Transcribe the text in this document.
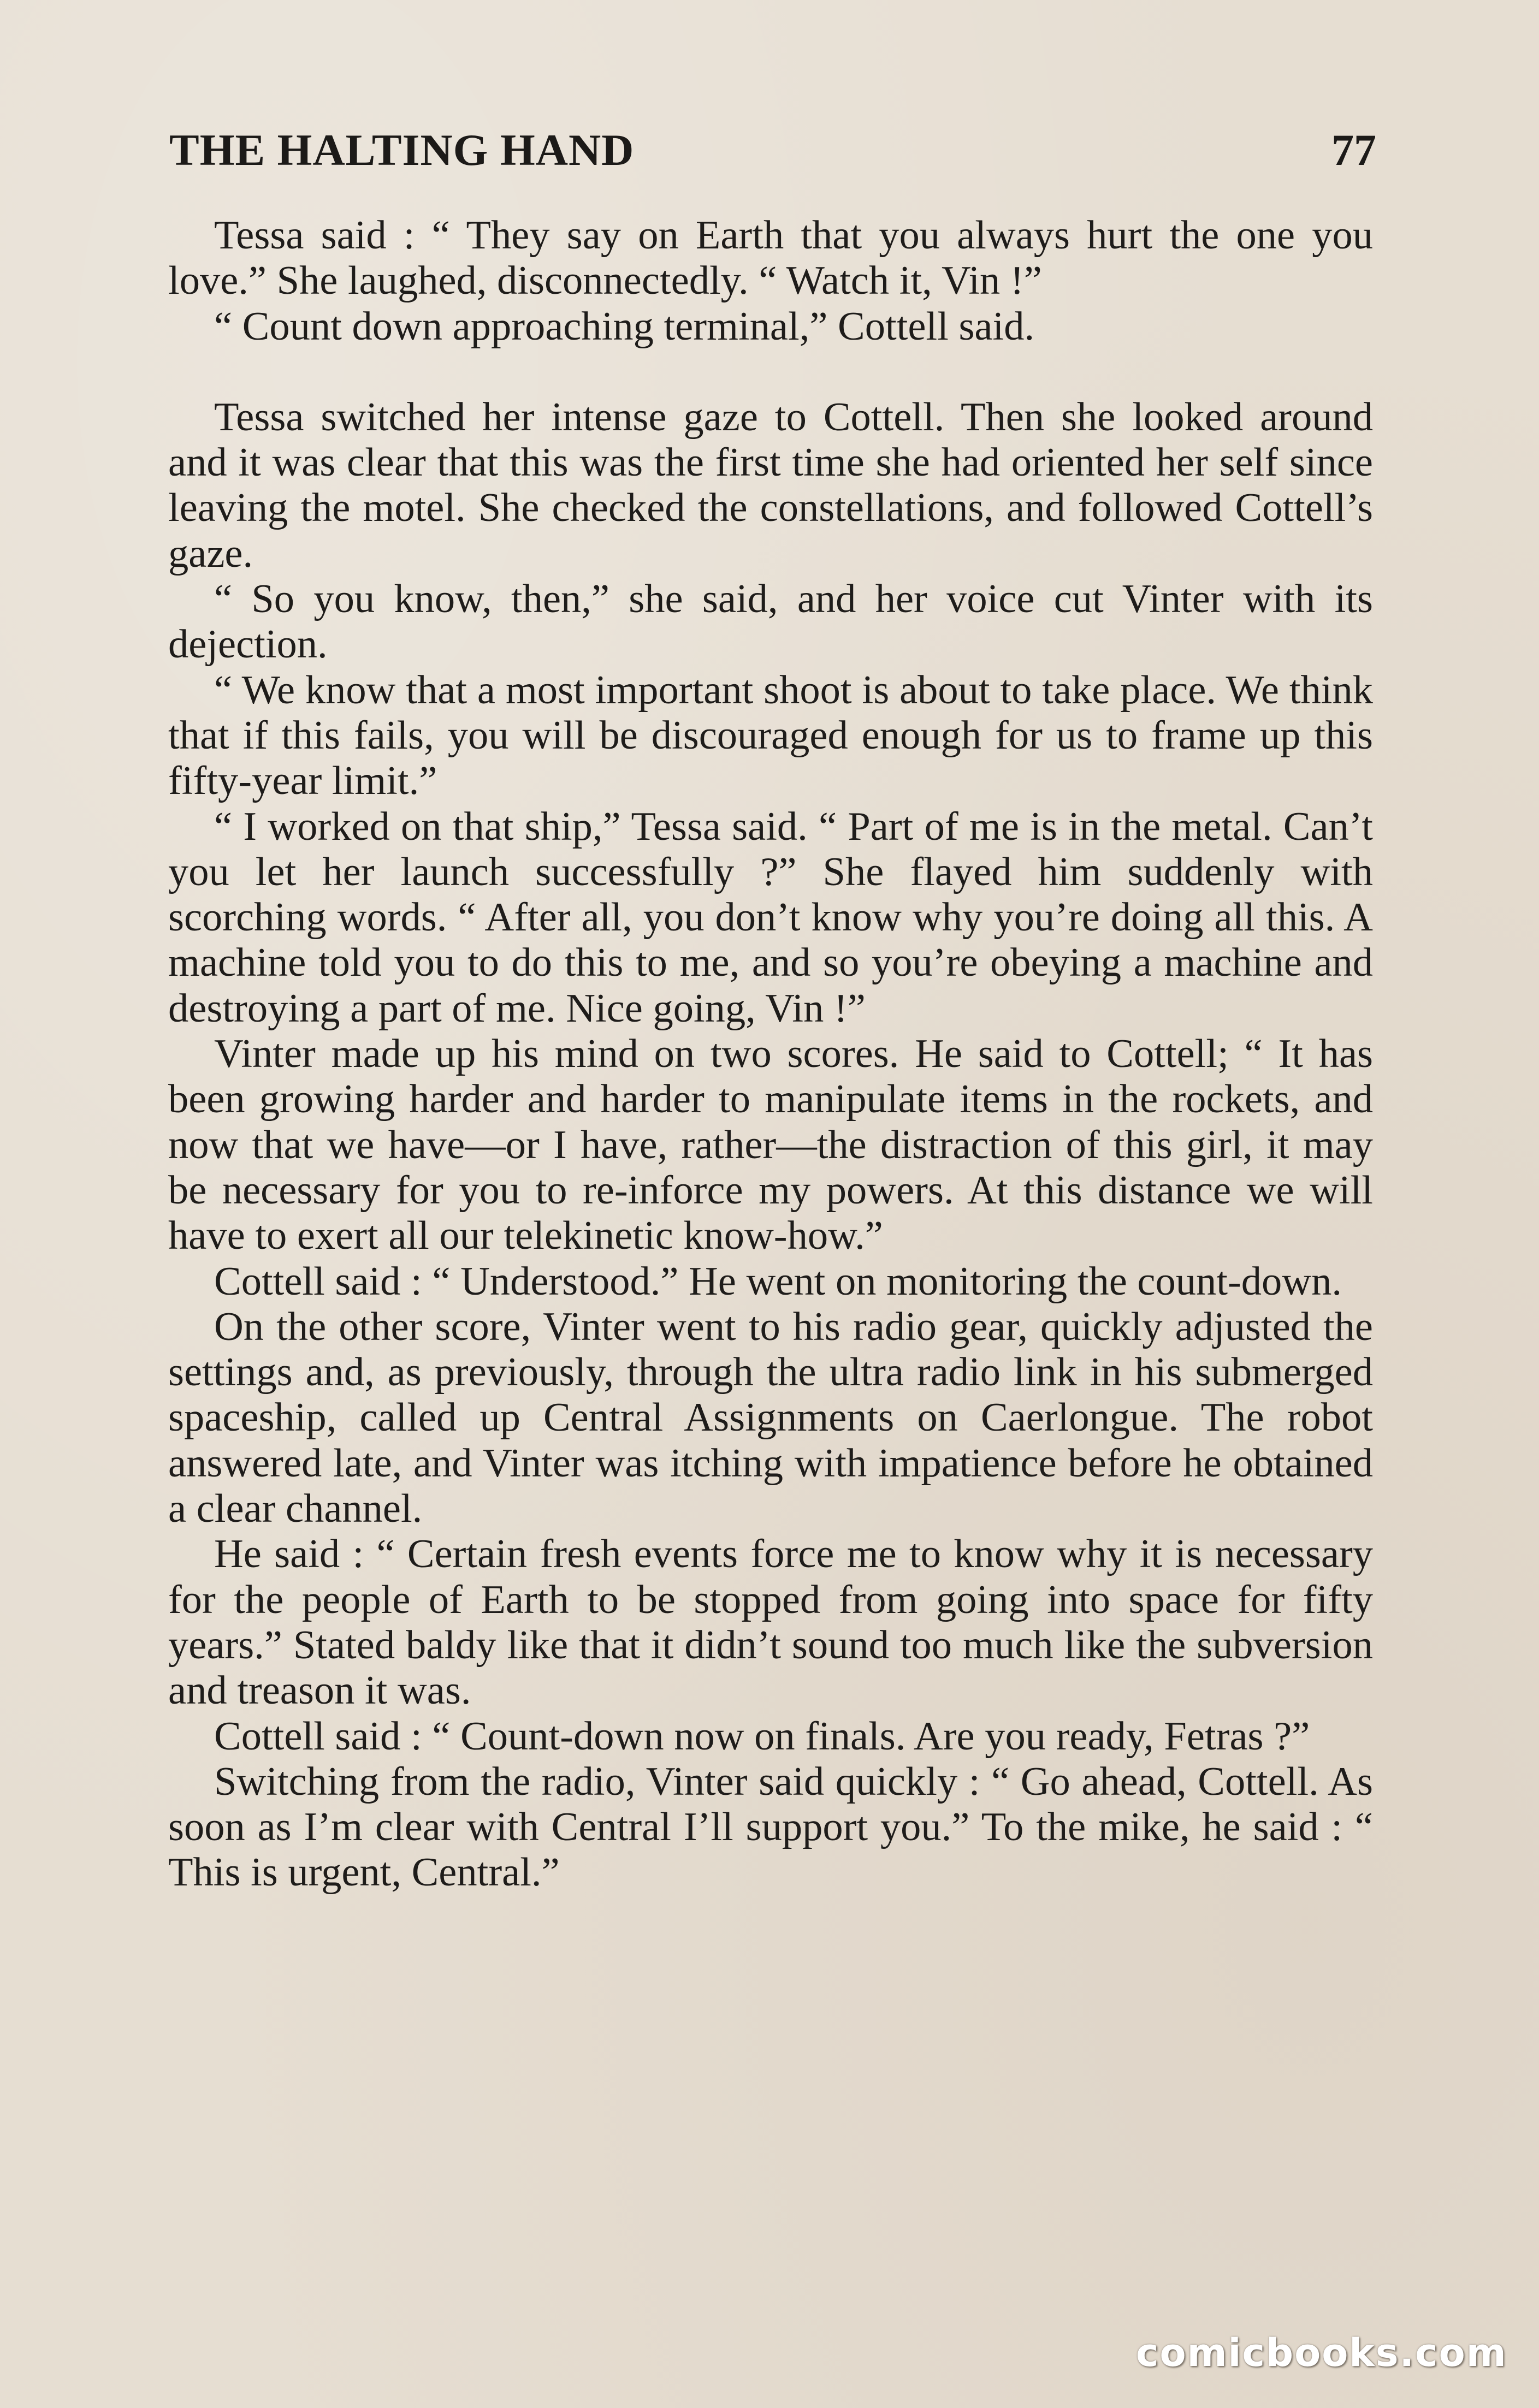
THE HALTING HAND	77

Tessa said : “ They say on Earth that you always hurt the one you love.” She laughed, disconnectedly. “ Watch it, Vin !”

“ Count down approaching terminal,” Cottell said.

Tessa switched her intense gaze to Cottell. Then she looked around and it was clear that this was the first time she had oriented her self since leaving the motel. She checked the constellations, and followed Cottell’s gaze.

“ So you know, then,” she said, and her voice cut Vinter with its dejection.

“ We know that a most important shoot is about to take place. We think that if this fails, you will be discouraged enough for us to frame up this fifty-year limit.”

“ I worked on that ship,” Tessa said. “ Part of me is in the metal. Can’t you let her launch successfully ?” She flayed him suddenly with scorching words. “ After all, you don’t know why you’re doing all this. A machine told you to do this to me, and so you’re obeying a machine and destroying a part of me. Nice going, Vin !”

Vinter made up his mind on two scores. He said to Cottell; “ It has been growing harder and harder to manipulate items in the rockets, and now that we have—or I have, rather—the distraction of this girl, it may be necessary for you to re-inforce my powers. At this distance we will have to exert all our telekinetic know-how.”

Cottell said : “ Understood.” He went on monitoring the count-down.

On the other score, Vinter went to his radio gear, quickly adjusted the settings and, as previously, through the ultra radio link in his submerged spaceship, called up Central Assignments on Caerlongue. The robot answered late, and Vinter was itching with impatience before he obtained a clear channel.

He said : “ Certain fresh events force me to know why it is necessary for the people of Earth to be stopped from going into space for fifty years.” Stated baldy like that it didn’t sound too much like the subversion and treason it was.

Cottell said : “ Count-down now on finals. Are you ready, Fetras ?”

Switching from the radio, Vinter said quickly : “ Go ahead, Cottell. As soon as I’m clear with Central I’ll support you.” To the mike, he said : “ This is urgent, Central.”

comicbooks.com
